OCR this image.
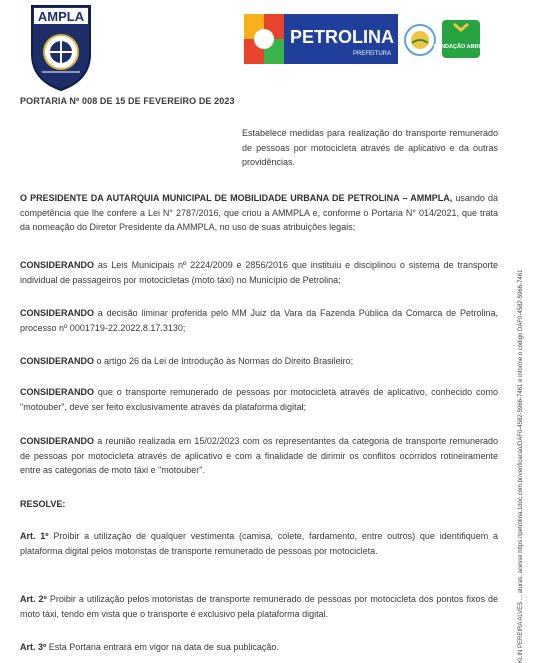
AMPLA
PETROLINA
PREFEITURA
FUNDAÇÃO ABRINQ
PORTARIA Nº 008 DE 15 DE FEVEREIRO DE 2023
Estabelece medidas para realização do transporte remunerado de pessoas por motocicleta através de aplicativo e da outras providências.

O PRESIDENTE DA AUTARQUIA MUNICIPAL DE MOBILIDADE URBANA DE PETROLINA – AMMPLA, usando da competência que lhe confere a Lei N° 2787/2016, que criou a AMMPLA e, conforme o Portaria N° 014/2021, que trata da nomeação do Diretor Presidente da AMMPLA, no uso de suas atribuições legais;

CONSIDERANDO as Leis Municipais nº 2224/2009 e 2856/2016 que instituiu e disciplinou o sistema de transporte individual de passageiros por motocicletas (moto táxi) no Município de Petrolina;

CONSIDERANDO a decisão liminar proferida pelo MM Juiz da Vara da Fazenda Pública da Comarca de Petrolina, processo nº 0001719-22.2022.8.17.3130;

CONSIDERANDO o artigo 26 da Lei de Introdução às Normas do Direito Brasileiro;

CONSIDERANDO que o transporte remunerado de pessoas por motocicleta através de aplicativo, conhecido como "motouber", deve ser feito exclusivamente através da plataforma digital;

CONSIDERANDO a reunião realizada em 15/02/2023 com os representantes da categoria de transporte remunerado de pessoas por motocicleta através de aplicativo e com a finalidade de dirimir os conflitos ocorridos rotineiramente entre as categorias de moto táxi e "motouber".

RESOLVE:

Art. 1º Proibir a utilização de qualquer vestimenta (camisa, colete, fardamento, entre outros) que identifiquem a plataforma digital pelos motoristas de transporte remunerado de pessoas por motocicleta.

Art. 2º Proibir a utilização pelos motoristas de transporte remunerado de pessoas por motocicleta dos pontos fixos de moto táxi, tendo em vista que o transporte é exclusivo pela plataforma digital.

Art. 3º Esta Portaria entrará em vigor na data de sua publicação.	KLIN PEREIRA ALVES ... aturas, acesse https://petrolina.1doc.com.br/verificacao/DAF0-4582-5966-7461 e informe o código DAF0-4582-5966-7461
